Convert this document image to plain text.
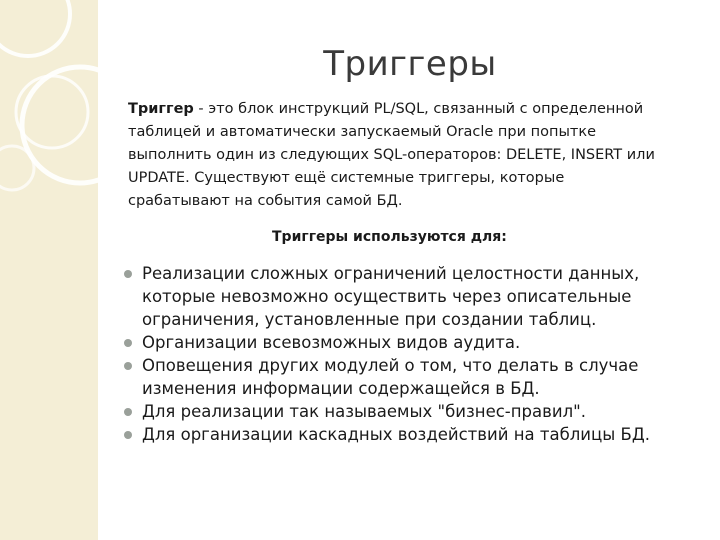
Триггеры
Триггер - это блок инструкций PL/SQL, связанный с определенной таблицей и автоматически запускаемый Oracle при попытке выполнить один из следующих SQL-операторов: DELETE, INSERT или UPDATE. Существуют ещё системные триггеры, которые срабатывают на события самой БД.
Триггеры используются для:
Реализации сложных ограничений целостности данных, которые невозможно осуществить через описательные ограничения, установленные при создании таблиц.
Организации всевозможных видов аудита.
Оповещения других модулей о том, что делать в случае изменения информации содержащейся в БД.
Для реализации так называемых "бизнес-правил".
Для организации каскадных воздействий на таблицы БД.
